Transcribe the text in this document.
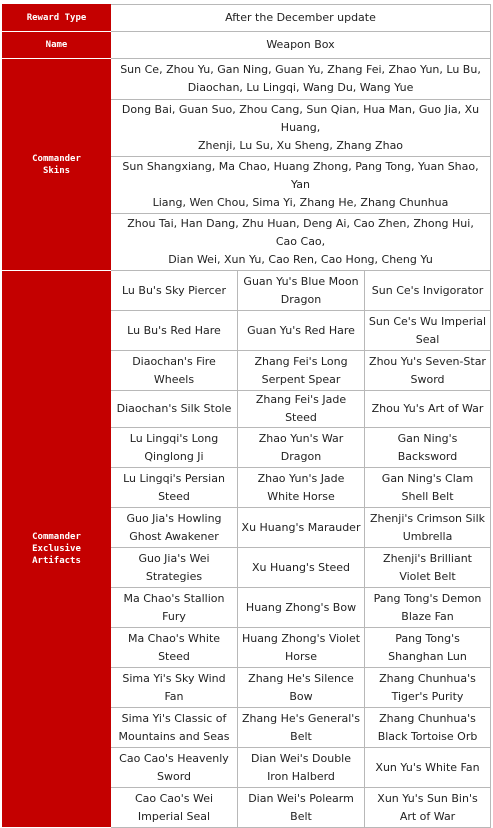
Reward Type	After the December update		
Name	Weapon Box		

Commander
Skins	Sun Ce, Zhou Yu, Gan Ning, Guan Yu, Zhang Fei, Zhao Yun, Lu Bu,
Diaochan, Lu Lingqi, Wang Du, Wang Yue		

	Dong Bai, Guan Suo, Zhou Cang, Sun Qian, Hua Man, Guo Jia, Xu Huang,
Zhenji, Lu Su, Xu Sheng, Zhang Zhao		

	Sun Shangxiang, Ma Chao, Huang Zhong, Pang Tong, Yuan Shao, Yan
Liang, Wen Chou, Sima Yi, Zhang He, Zhang Chunhua		

	Zhou Tai, Han Dang, Zhu Huan, Deng Ai, Cao Zhen, Zhong Hui, Cao Cao,
Dian Wei, Xun Yu, Cao Ren, Cao Hong, Cheng Yu		

Commander
Exclusive
Artifacts	Lu Bu's Sky Piercer	Guan Yu's Blue Moon Dragon	Sun Ce's Invigorator
	Lu Bu's Red Hare	Guan Yu's Red Hare	Sun Ce's Wu Imperial Seal
	Diaochan's Fire Wheels	Zhang Fei's Long Serpent Spear	Zhou Yu's Seven-Star Sword
	Diaochan's Silk Stole	Zhang Fei's Jade Steed	Zhou Yu's Art of War
	Lu Lingqi's Long Qinglong Ji	Zhao Yun's War Dragon	Gan Ning's Backsword
	Lu Lingqi's Persian Steed	Zhao Yun's Jade White Horse	Gan Ning's Clam Shell Belt
	Guo Jia's Howling Ghost Awakener	Xu Huang's Marauder	Zhenji's Crimson Silk Umbrella
	Guo Jia's Wei Strategies	Xu Huang's Steed	Zhenji's Brilliant Violet Belt
	Ma Chao's Stallion Fury	Huang Zhong's Bow	Pang Tong's Demon Blaze Fan
	Ma Chao's White Steed	Huang Zhong's Violet Horse	Pang Tong's Shanghan Lun
	Sima Yi's Sky Wind Fan	Zhang He's Silence Bow	Zhang Chunhua's Tiger's Purity
	Sima Yi's Classic of Mountains and Seas	Zhang He's General's Belt	Zhang Chunhua's Black Tortoise Orb
	Cao Cao's Heavenly Sword	Dian Wei's Double Iron Halberd	Xun Yu's White Fan
	Cao Cao's Wei Imperial Seal	Dian Wei's Polearm Belt	Xun Yu's Sun Bin's Art of War
